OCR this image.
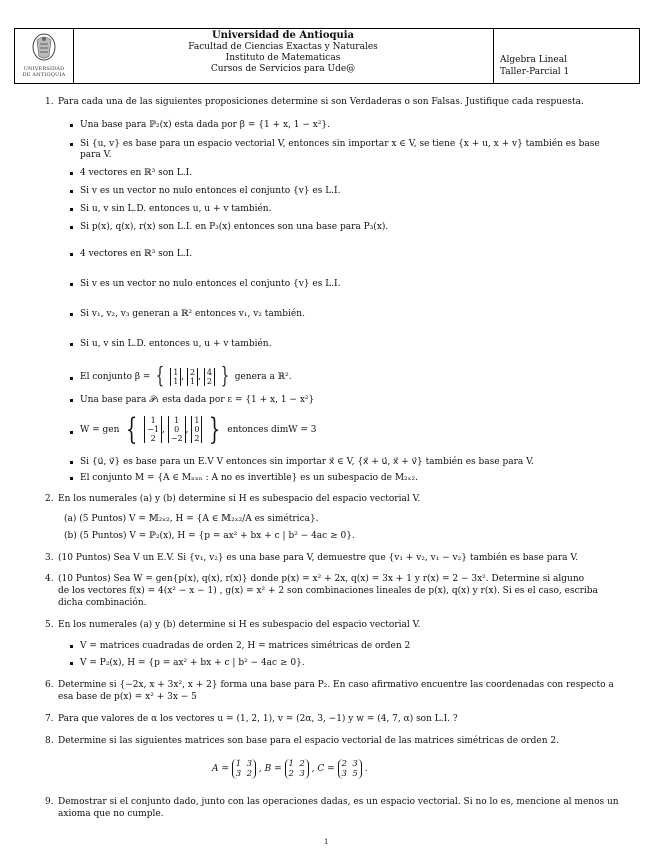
UNIVERSIDAD
DE ANTIOQUIA
Universidad de Antioquia
Facultad de Ciencias Exactas y Naturales
Instituto de Matematicas
Cursos de Servicios para Ude@
Algebra Lineal
Taller-Parcial 1
1. Para cada una de las siguientes proposiciones determine si son Verdaderas o son Falsas. Justifique cada respuesta.
Una base para ℙ₂(x) esta dada por β = {1 + x, 1 − x²}.
Si {u, v} es base para un espacio vectorial V, entonces sin importar x ∈ V, se tiene {x + u, x + v} también es base
para V.
4 vectores en ℝ³ son L.I.
Si v es un vector no nulo entonces el conjunto {v} es L.I.
Si u, v sin L.D. entonces u, u + v también.
Si p(x), q(x), r(x) son L.I. en P₃(x) entonces son una base para P₃(x).
4 vectores en ℝ³ son L.I.
Si v es un vector no nulo entonces el conjunto {v} es L.I.
Si v₁, v₂, v₃ generan a ℝ² entonces v₁, v₂ también.
Si u, v sin L.D. entonces u, u + v también.
El conjunto β = { 1
1 , 2
1 , 4
2 } genera a ℝ².
Una base para 𝒫₁ esta dada por ε = {1 + x, 1 − x²}
W = gen { 1
−1
2, 1
0
−2, 1
0
2 } entonces dimW = 3
Si {u⃗, v⃗} es base para un E.V V entonces sin importar x⃗ ∈ V, {x⃗ + u⃗, x⃗ + v⃗} también es base para V.
El conjunto M = {A ∈ Mₙₓₙ : A no es invertible} es un subespacio de M₂ₓ₂.
2. En los numerales (a) y (b) determine si H es subespacio del espacio vectorial V.
(a) (5 Puntos) V = 𝕄₂ₓ₂, H = {A ∈ 𝕄₂ₓ₂/A es simétrica}.
(b) (5 Puntos) V = ℙ₂(x), H = {p = ax² + bx + c | b² − 4ac ≥ 0}.
3. (10 Puntos) Sea V un E.V. Si {v₁, v₂} es una base para V, demuestre que {v₁ + v₂, v₁ − v₂} también es base para V.
4. (10 Puntos) Sea W = gen{p(x), q(x), r(x)} donde p(x) = x² + 2x, q(x) = 3x + 1 y r(x) = 2 − 3x². Determine si alguno
de los vectores f(x) = 4(x² − x − 1) , g(x) = x² + 2 son combinaciones lineales de p(x), q(x) y r(x). Si es el caso, escriba
dicha combinación.
5. En los numerales (a) y (b) determine si H es subespacio del espacio vectorial V.
V = matrices cuadradas de orden 2, H = matrices simétricas de orden 2
V = P₂(x), H = {p = ax² + bx + c | b² − 4ac ≥ 0}.
6. Determine si {−2x, x + 3x², x + 2} forma una base para P₂. En caso afirmativo encuentre las coordenadas con respecto a
esa base de p(x) = x² + 3x − 5
7. Para que valores de α los vectores u = (1, 2, 1), v = (2α, 3, −1) y w = (4, 7, α) son L.I. ?
8. Determine si las siguientes matrices son base para el espacio vectorial de las matrices simétricas de orden 2.
A = 1 3
3 2 , B = 1 2
2 3 , C = 2 3
3 5 .
9. Demostrar si el conjunto dado, junto con las operaciones dadas, es un espacio vectorial. Si no lo es, mencione al menos un
axioma que no cumple.
1
